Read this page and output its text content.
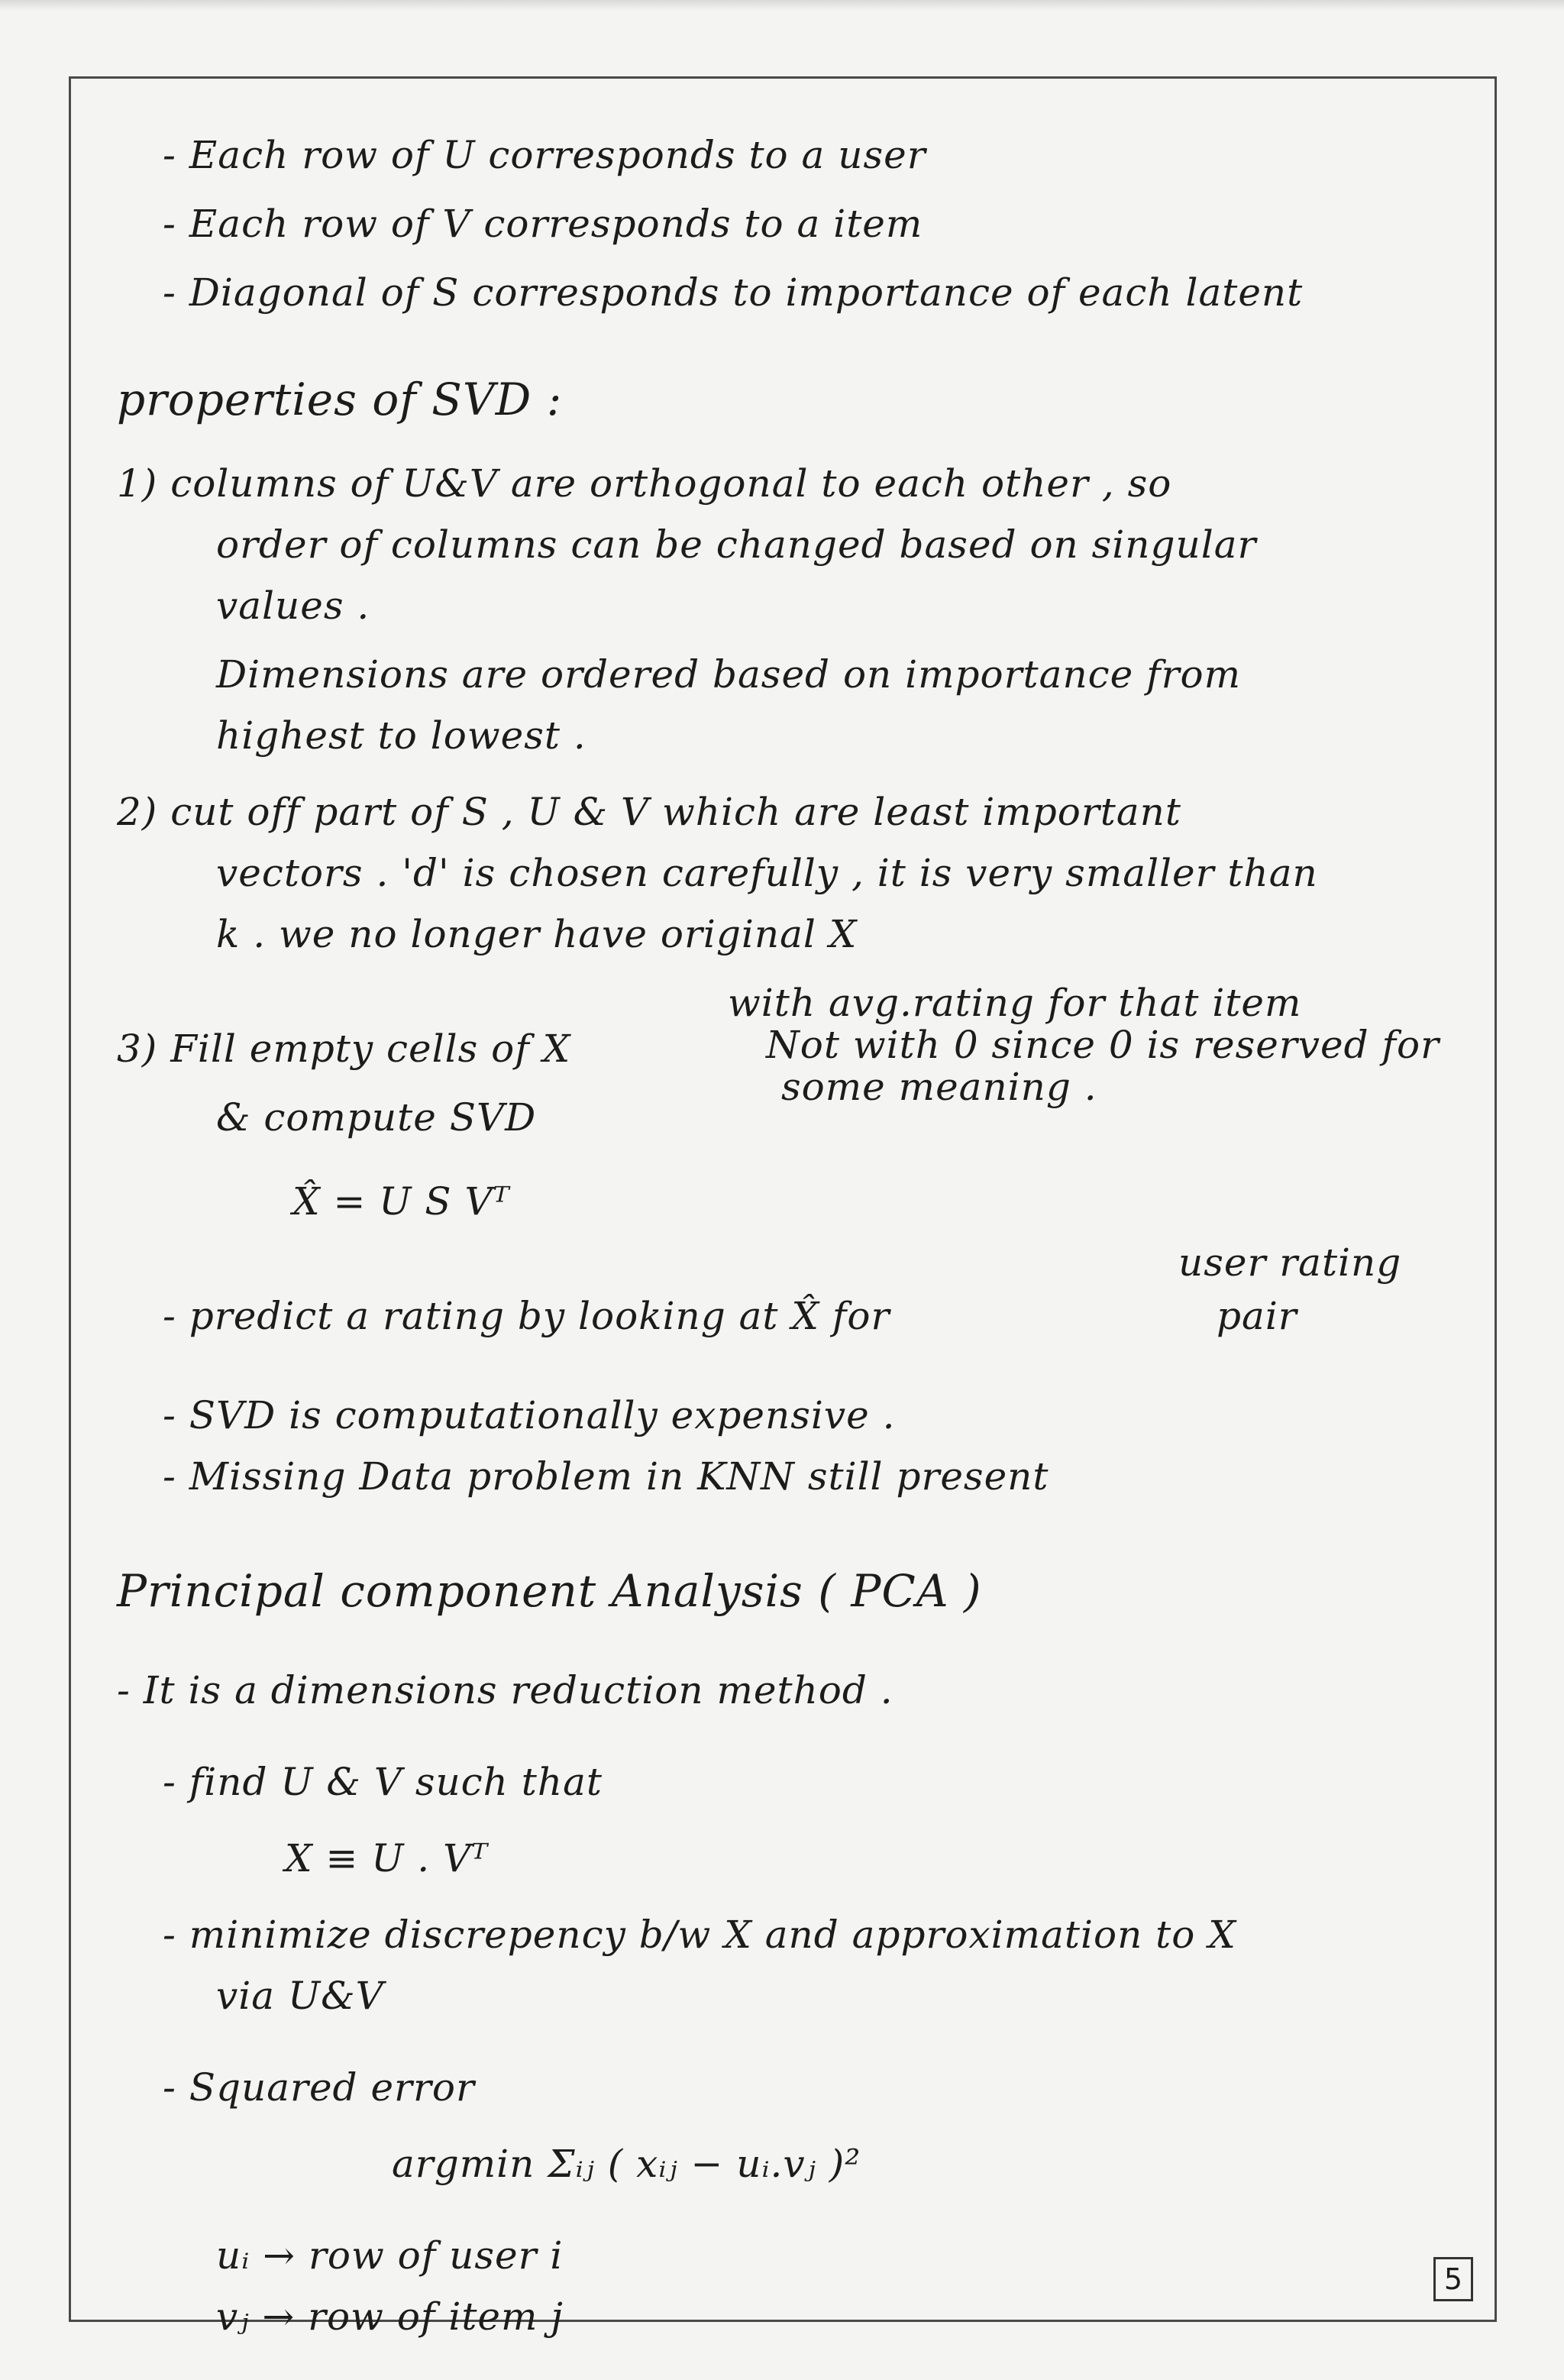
5
- Each row of U corresponds to a user
- Each row of V corresponds to a item
- Diagonal of S corresponds to importance of each latent
properties of SVD :
1) columns of U&V are orthogonal to each other , so
order of columns can be changed based on singular
values .
Dimensions are ordered based on importance from
highest to lowest .
2) cut off part of S , U & V which are least important
vectors . 'd' is chosen carefully , it is very smaller than
k . we no longer have original X
with avg.rating for that item
3) Fill empty cells of X	Not with 0 since 0 is reserved for
some meaning .
& compute SVD
X̂ = U S Vᵀ
user rating
- predict a rating by looking at X̂ for	pair
- SVD is computationally expensive .
- Missing Data problem in KNN still present
Principal component Analysis ( PCA )
- It is a dimensions reduction method .
- find U & V such that
X ≡ U . Vᵀ
- minimize discrepency b/w X and approximation to X
via U&V
- Squared error
argmin Σᵢⱼ ( xᵢⱼ − uᵢ.vⱼ )²
uᵢ → row of user i
vⱼ → row of item j
